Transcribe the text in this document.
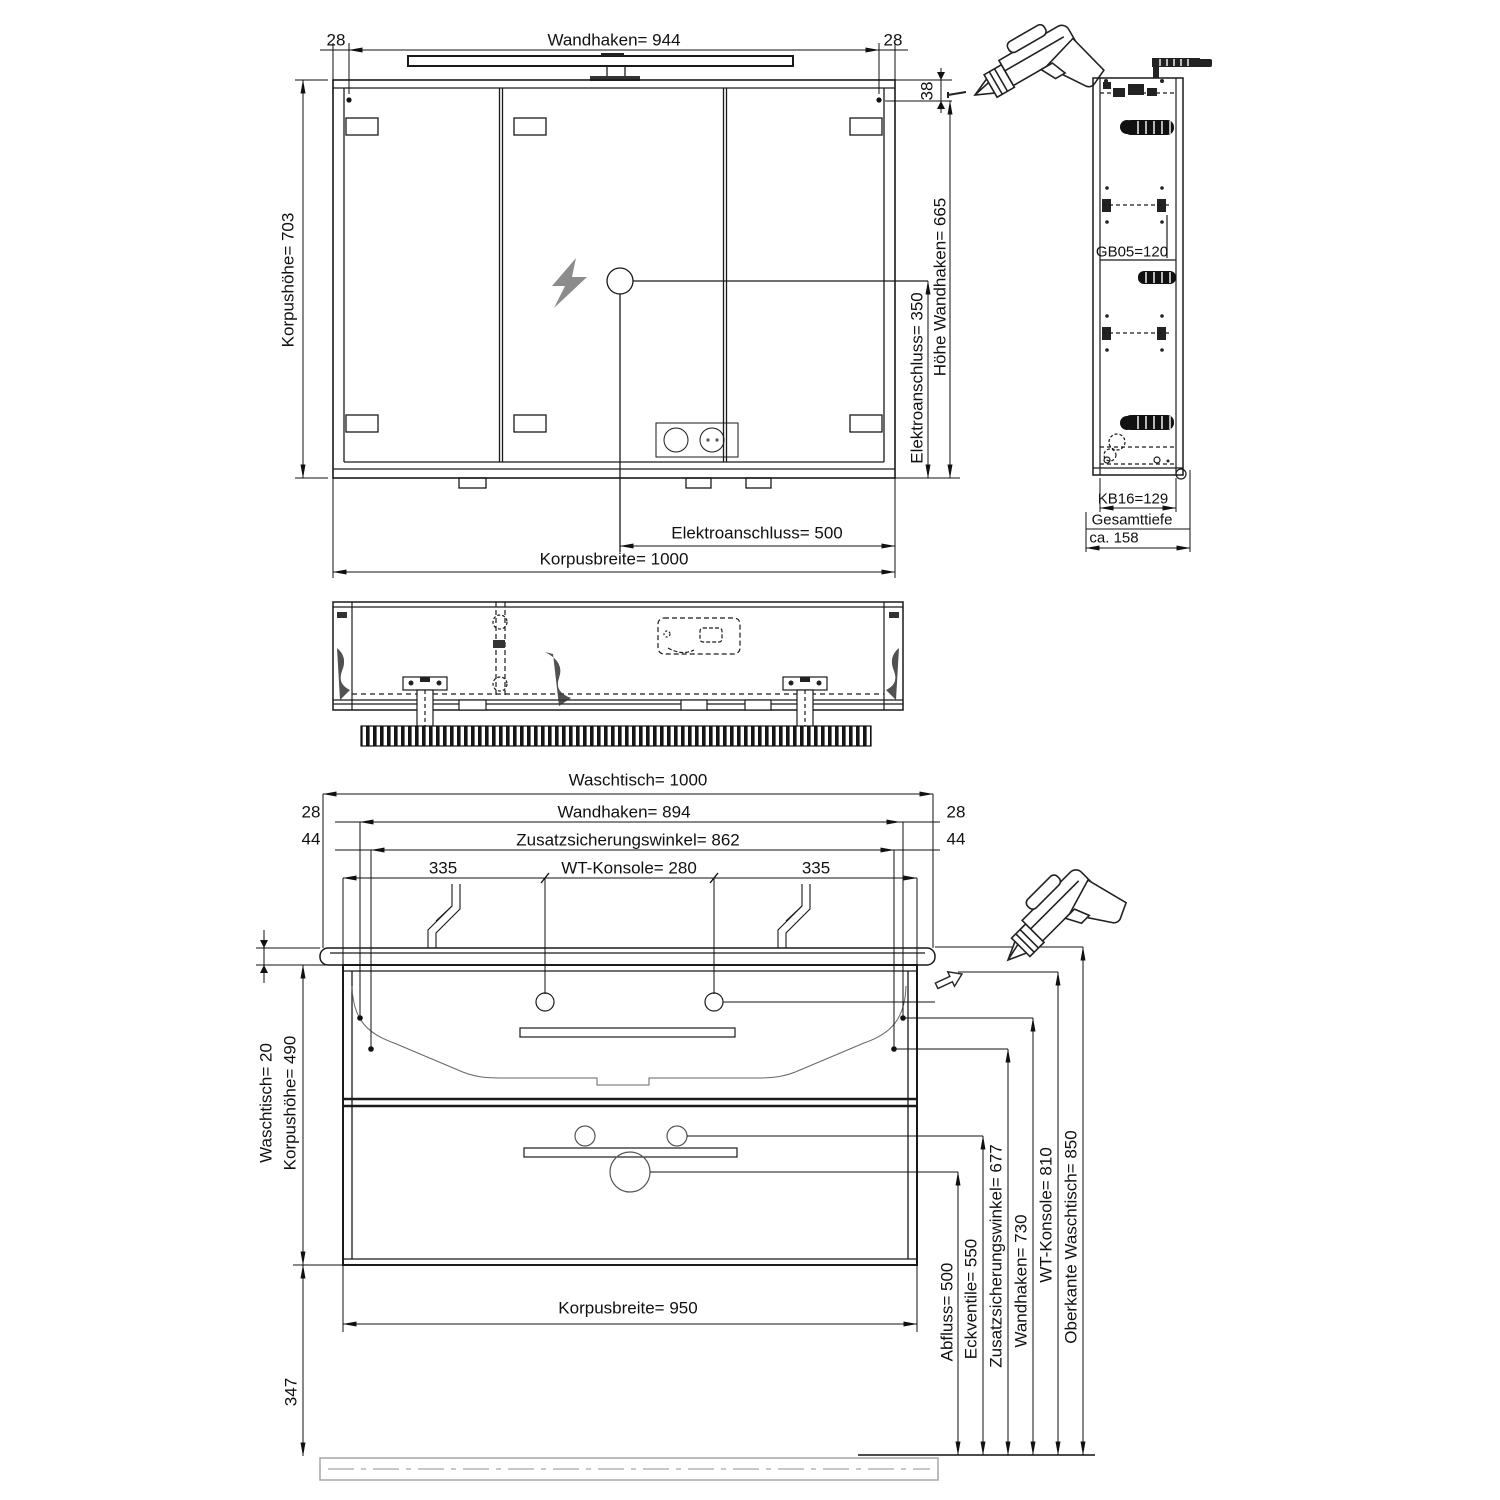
Wandhaken= 944
28	28
Korpushöhe= 703
38
Höhe Wandhaken= 665
Elektroanschluss= 350
Elektroanschluss= 500
Korpusbreite= 1000
GB05=120
KB16=129
Gesamttiefe
ca. 158
Waschtisch= 1000
Wandhaken= 894
28	28
Zusatzsicherungswinkel= 862
44	44
335	WT-Konsole= 280	335
Waschtisch= 20 Korpushöhe= 490
Korpusbreite= 950
347
Abfluss= 500 Eckventile= 550 Zusatzsicherungswinkel= 677 Wandhaken= 730 WT-Konsole= 810 Oberkante Waschtisch= 850
